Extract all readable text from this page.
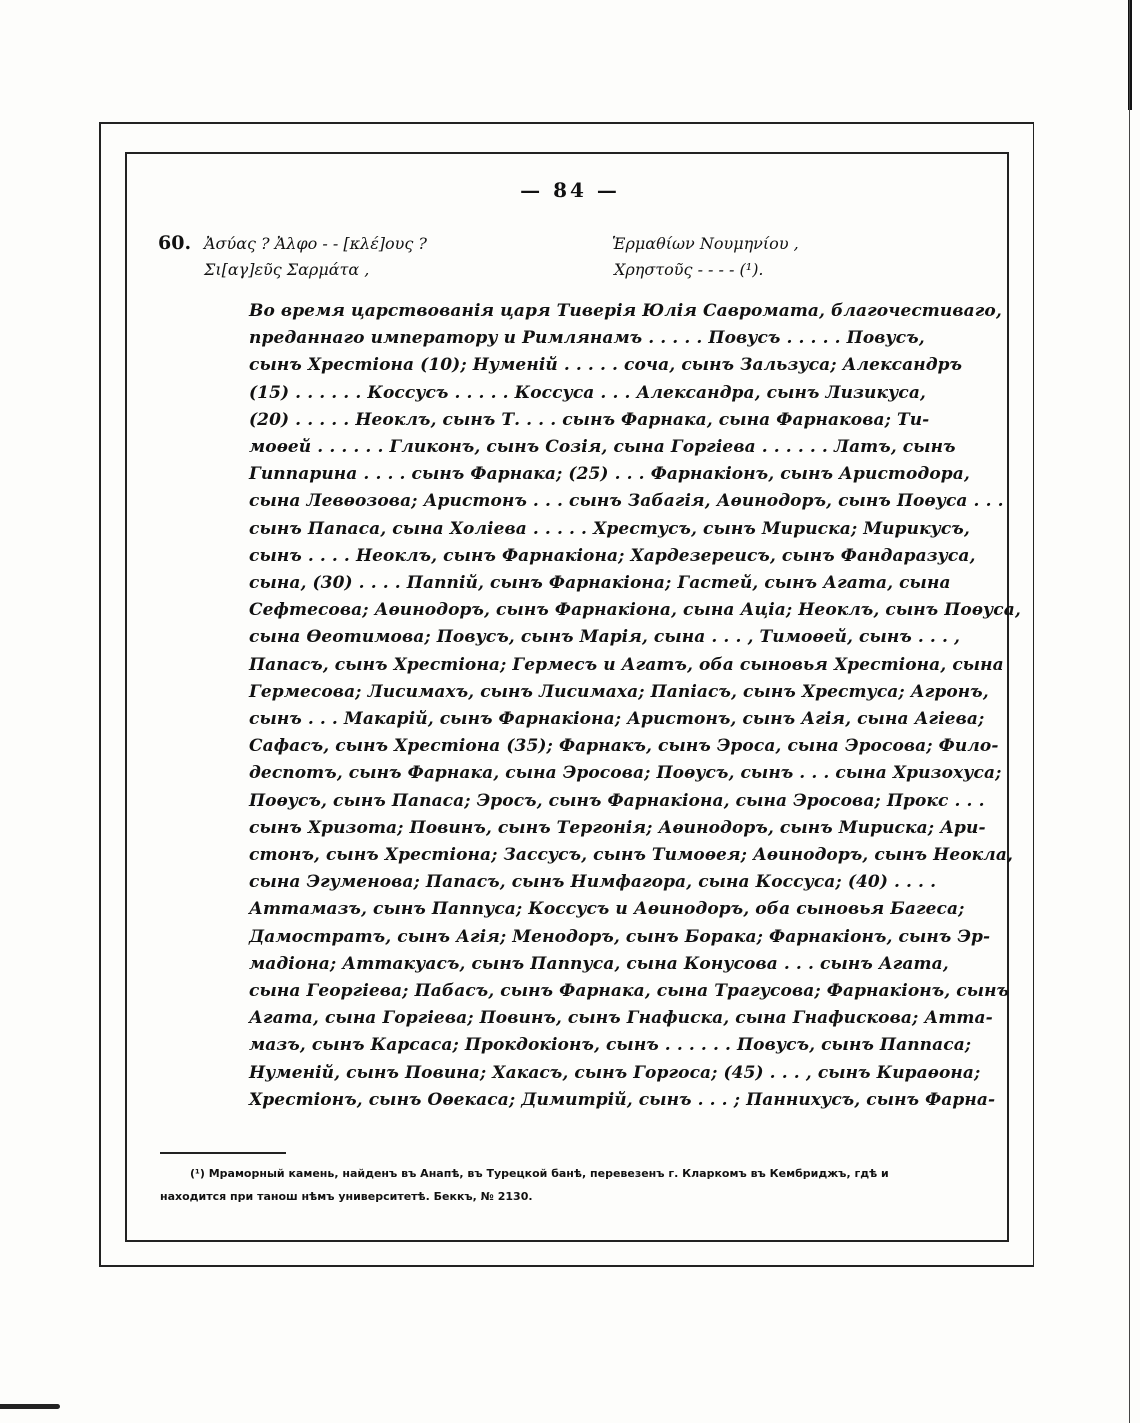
— 84 —
60. Ἀσύας ? Ἀλφο - - [κλέ]ους ?
Σι[αγ]εῦς Σαρμάτα ,
Ἑρμαθίων Νουμηνίου ,
Χρηστοῦς - - - - (¹).
Во время царствованія царя Тиверія Юлія Савромата, благочестиваго,
преданнаго императору и Римлянамъ . . . . . Повусъ . . . . . Повусъ,
сынъ Хрестіона (10); Нуменій . . . . . соча, сынъ Зальзуса; Александръ
(15) . . . . . . Коссусъ . . . . . Коссуса . . . Александра, сынъ Лизикуса,
(20) . . . . . Неоклъ, сынъ Т. . . . сынъ Фарнака, сына Фарнакова; Ти-
моѳей . . . . . . Гликонъ, сынъ Созія, сына Горгіева . . . . . . Латъ, сынъ
Гиппарина . . . . сынъ Фарнака; (25) . . . Фарнакіонъ, сынъ Аристодора,
сына Левѳозова; Аристонъ . . . сынъ Забагія, Аѳинодоръ, сынъ Поѳуса . . .
сынъ Папаса, сына Холіева . . . . . Хрестусъ, сынъ Мириска; Мирикусъ,
сынъ . . . . Неоклъ, сынъ Фарнакіона; Хардезереисъ, сынъ Фандаразуса,
сына, (30) . . . . Паппій, сынъ Фарнакіона; Гастей, сынъ Агата, сына
Сефтесова; Аѳинодоръ, сынъ Фарнакіона, сына Аціа; Неоклъ, сынъ Поѳуса,
сына Ѳеотимова; Повусъ, сынъ Марія, сына . . . , Тимоѳей, сынъ . . . ,
Папасъ, сынъ Хрестіона; Гермесъ и Агатъ, оба сыновья Хрестіона, сына
Гермесова; Лисимахъ, сынъ Лисимаха; Папіасъ, сынъ Хрестуса; Агронъ,
сынъ . . . Макарій, сынъ Фарнакіона; Аристонъ, сынъ Агія, сына Агіева;
Сафасъ, сынъ Хрестіона (35); Фарнакъ, сынъ Эроса, сына Эросова; Фило-
деспотъ, сынъ Фарнака, сына Эросова; Поѳусъ, сынъ . . . сына Хризохуса;
Поѳусъ, сынъ Папаса; Эросъ, сынъ Фарнакіона, сына Эросова; Прокс . . .
сынъ Хризота; Повинъ, сынъ Тергонія; Аѳинодоръ, сынъ Мириска; Ари-
стонъ, сынъ Хрестіона; Зассусъ, сынъ Тимоѳея; Аѳинодоръ, сынъ Неокла,
сына Эгуменова; Папасъ, сынъ Нимфагора, сына Коссуса; (40) . . . .
Аттамазъ, сынъ Паппуса; Коссусъ и Аѳинодоръ, оба сыновья Багеса;
Дамостратъ, сынъ Агія; Менодоръ, сынъ Борака; Фарнакіонъ, сынъ Эр-
мадіона; Аттакуасъ, сынъ Паппуса, сына Конусова . . . сынъ Агата,
сына Георгіева; Пабасъ, сынъ Фарнака, сына Трагусова; Фарнакіонъ, сынъ
Агата, сына Горгіева; Повинъ, сынъ Гнафиска, сына Гнафискова; Атта-
мазъ, сынъ Карсаса; Прокдокіонъ, сынъ . . . . . . Повусъ, сынъ Паппаса;
Нуменій, сынъ Повина; Хакасъ, сынъ Горгоса; (45) . . . , сынъ Кираѳона;
Хрестіонъ, сынъ Оѳекаса; Димитрій, сынъ . . . ; Паннихусъ, сынъ Фарна-
(¹) Мраморный камень, найденъ въ Анапѣ, въ Турецкой банѣ, перевезенъ г. Кларкомъ въ Кембриджъ, гдѣ и
находится при танош нѣмъ университетѣ. Беккъ, № 2130.
